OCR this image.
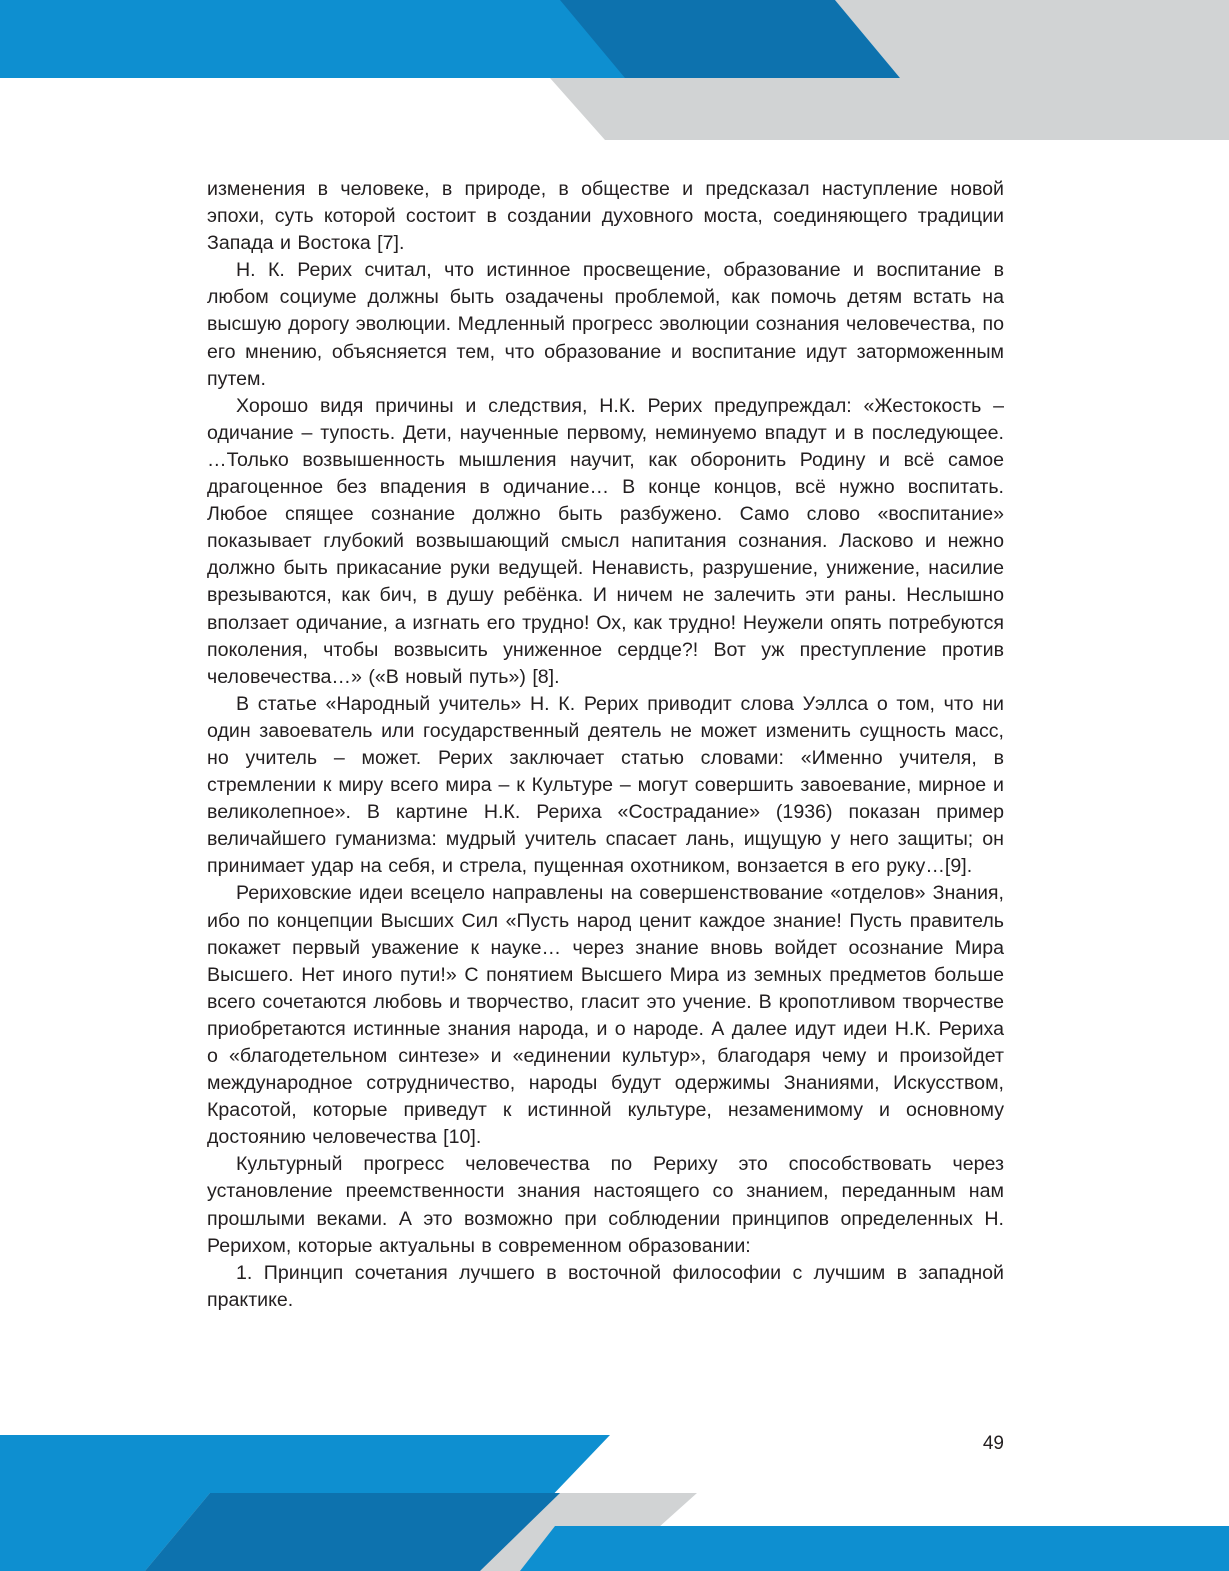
изменения в человеке, в природе, в обществе и предсказал наступление новой эпохи, суть которой состоит в создании духовного моста, соединяющего традиции Запада и Востока [7].

Н. К. Рерих считал, что истинное просвещение, образование и воспитание в любом социуме должны быть озадачены проблемой, как помочь детям встать на высшую дорогу эволюции. Медленный прогресс эволюции сознания человечества, по его мнению, объясняется тем, что образование и воспитание идут заторможенным путем.

Хорошо видя причины и следствия, Н.К. Рерих предупреждал: «Жестокость – одичание – тупость. Дети, наученные первому, неминуемо впадут и в последующее. …Только возвышенность мышления научит, как оборонить Родину и всё самое драгоценное без впадения в одичание… В конце концов, всё нужно воспитать. Любое спящее сознание должно быть разбужено. Само слово «воспитание» показывает глубокий возвышающий смысл напитания сознания. Ласково и нежно должно быть прикасание руки ведущей. Ненависть, разрушение, унижение, насилие врезываются, как бич, в душу ребёнка. И ничем не залечить эти раны. Неслышно вползает одичание, а изгнать его трудно! Ох, как трудно! Неужели опять потребуются поколения, чтобы возвысить униженное сердце?! Вот уж преступление против человечества…» («В новый путь») [8].

В статье «Народный учитель» Н. К. Рерих приводит слова Уэллса о том, что ни один завоеватель или государственный деятель не может изменить сущность масс, но учитель – может. Рерих заключает статью словами: «Именно учителя, в стремлении к миру всего мира – к Культуре – могут совершить завоевание, мирное и великолепное». В картине Н.К. Рериха «Сострадание» (1936) показан пример величайшего гуманизма: мудрый учитель спасает лань, ищущую у него защиты; он принимает удар на себя, и стрела, пущенная охотником, вонзается в его руку…[9].

Рериховские идеи всецело направлены на совершенствование «отделов» Знания, ибо по концепции Высших Сил «Пусть народ ценит каждое знание! Пусть правитель покажет первый уважение к науке… через знание вновь войдет осознание Мира Высшего. Нет иного пути!» С понятием Высшего Мира из земных предметов больше всего сочетаются любовь и творчество, гласит это учение. В кропотливом творчестве приобретаются истинные знания народа, и о народе. А далее идут идеи Н.К. Рериха о «благодетельном синтезе» и «единении культур», благодаря чему и произойдет международное сотрудничество, народы будут одержимы Знаниями, Искусством, Красотой, которые приведут к истинной культуре, незаменимому и основному достоянию человечества [10].

Культурный прогресс человечества по Рериху это способствовать через установление преемственности знания настоящего со знанием, переданным нам прошлыми веками. А это возможно при соблюдении принципов определенных Н. Рерихом, которые актуальны в современном образовании:

1. Принцип сочетания лучшего в восточной философии с лучшим в западной практике.

49
